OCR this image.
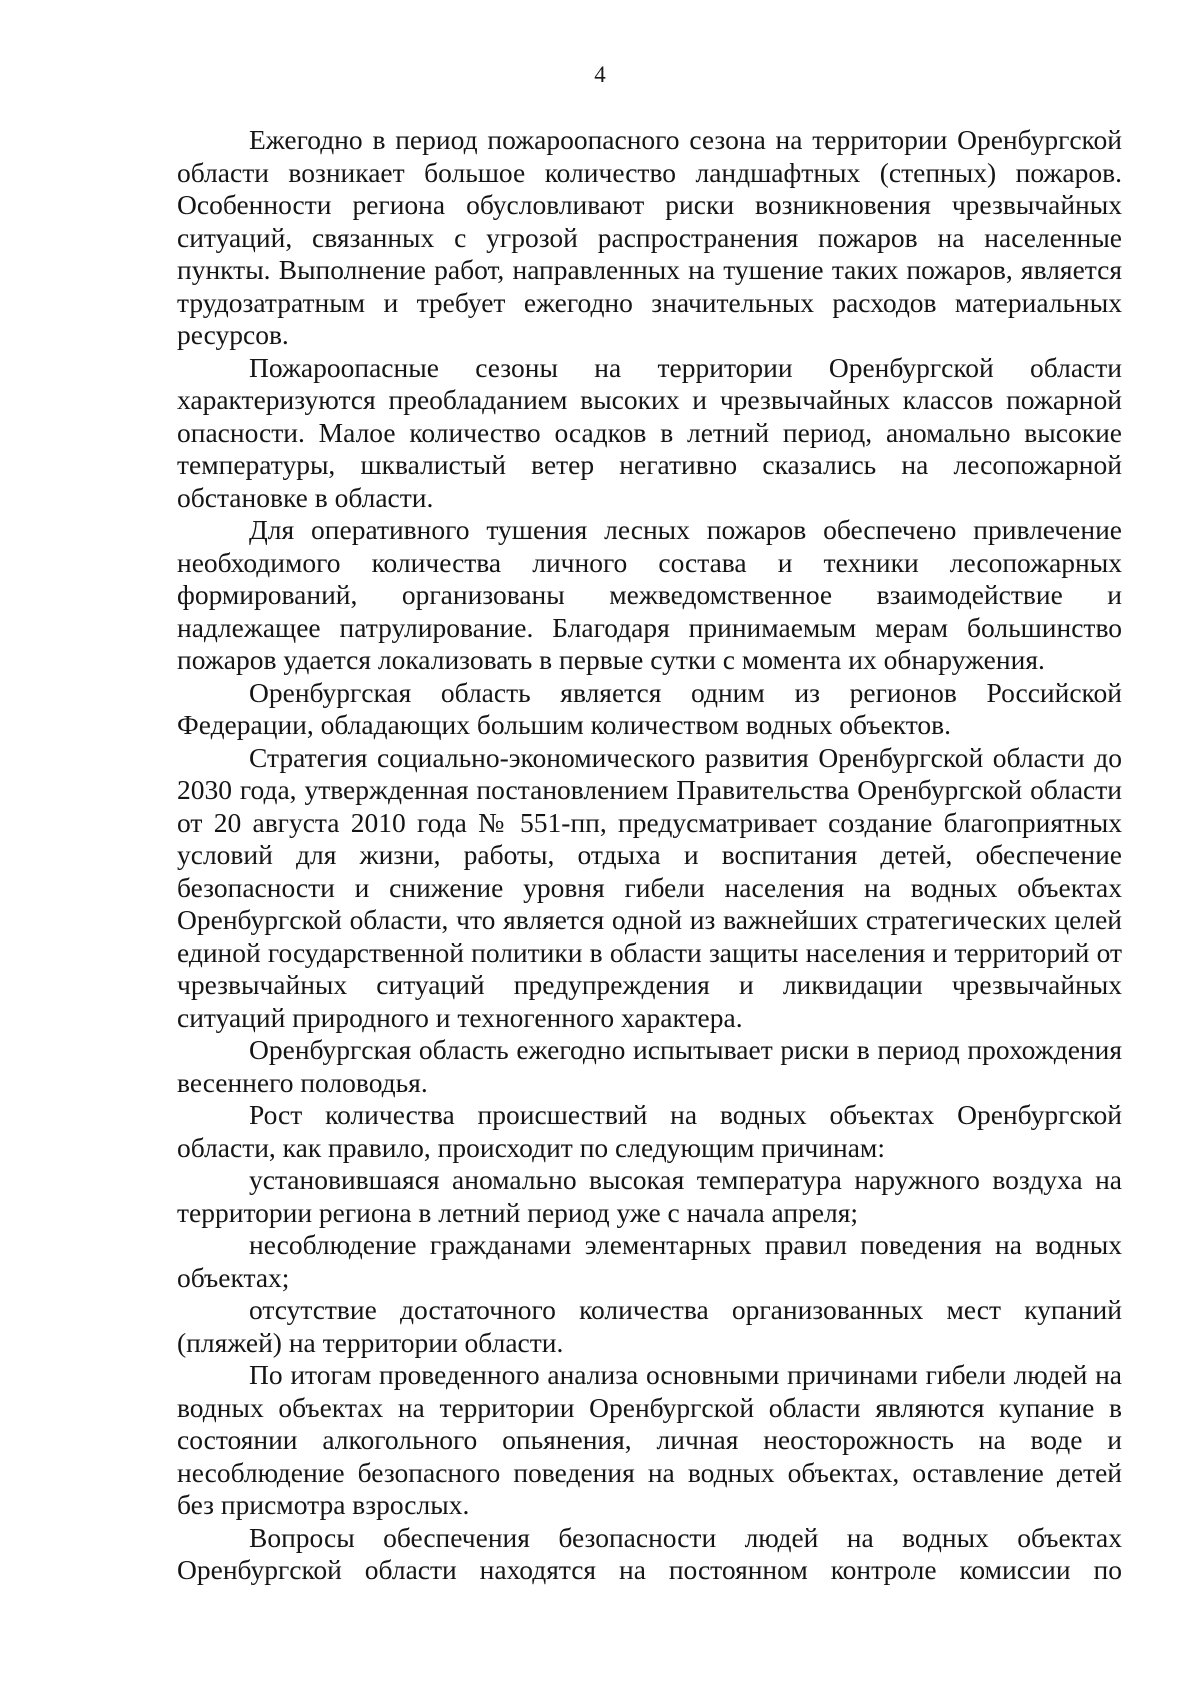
4

Ежегодно в период пожароопасного сезона на территории Оренбургской области возникает большое количество ландшафтных (степных) пожаров. Особенности региона обусловливают риски возникновения чрезвычайных ситуаций, связанных с угрозой распространения пожаров на населенные пункты. Выполнение работ, направленных на тушение таких пожаров, является трудозатратным и требует ежегодно значительных расходов материальных ресурсов.

Пожароопасные сезоны на территории Оренбургской области характеризуются преобладанием высоких и чрезвычайных классов пожарной опасности. Малое количество осадков в летний период, аномально высокие температуры, шквалистый ветер негативно сказались на лесопожарной обстановке в области.

Для оперативного тушения лесных пожаров обеспечено привлечение необходимого количества личного состава и техники лесопожарных формирований, организованы межведомственное взаимодействие и надлежащее патрулирование. Благодаря принимаемым мерам большинство пожаров удается локализовать в первые сутки с момента их обнаружения.

Оренбургская область является одним из регионов Российской Федерации, обладающих большим количеством водных объектов.

Стратегия социально-экономического развития Оренбургской области до 2030 года, утвержденная постановлением Правительства Оренбургской области от 20 августа 2010 года № 551-пп, предусматривает создание благоприятных условий для жизни, работы, отдыха и воспитания детей, обеспечение безопасности и снижение уровня гибели населения на водных объектах Оренбургской области, что является одной из важнейших стратегических целей единой государственной политики в области защиты населения и территорий от чрезвычайных ситуаций предупреждения и ликвидации чрезвычайных ситуаций природного и техногенного характера.

Оренбургская область ежегодно испытывает риски в период прохождения весеннего половодья.

Рост количества происшествий на водных объектах Оренбургской области, как правило, происходит по следующим причинам:

установившаяся аномально высокая температура наружного воздуха на территории региона в летний период уже с начала апреля;

несоблюдение гражданами элементарных правил поведения на водных объектах;

отсутствие достаточного количества организованных мест купаний (пляжей) на территории области.

По итогам проведенного анализа основными причинами гибели людей на водных объектах на территории Оренбургской области являются купание в состоянии алкогольного опьянения, личная неосторожность на воде и несоблюдение безопасного поведения на водных объектах, оставление детей без присмотра взрослых.

Вопросы обеспечения безопасности людей на водных объектах Оренбургской области находятся на постоянном контроле комиссии по
